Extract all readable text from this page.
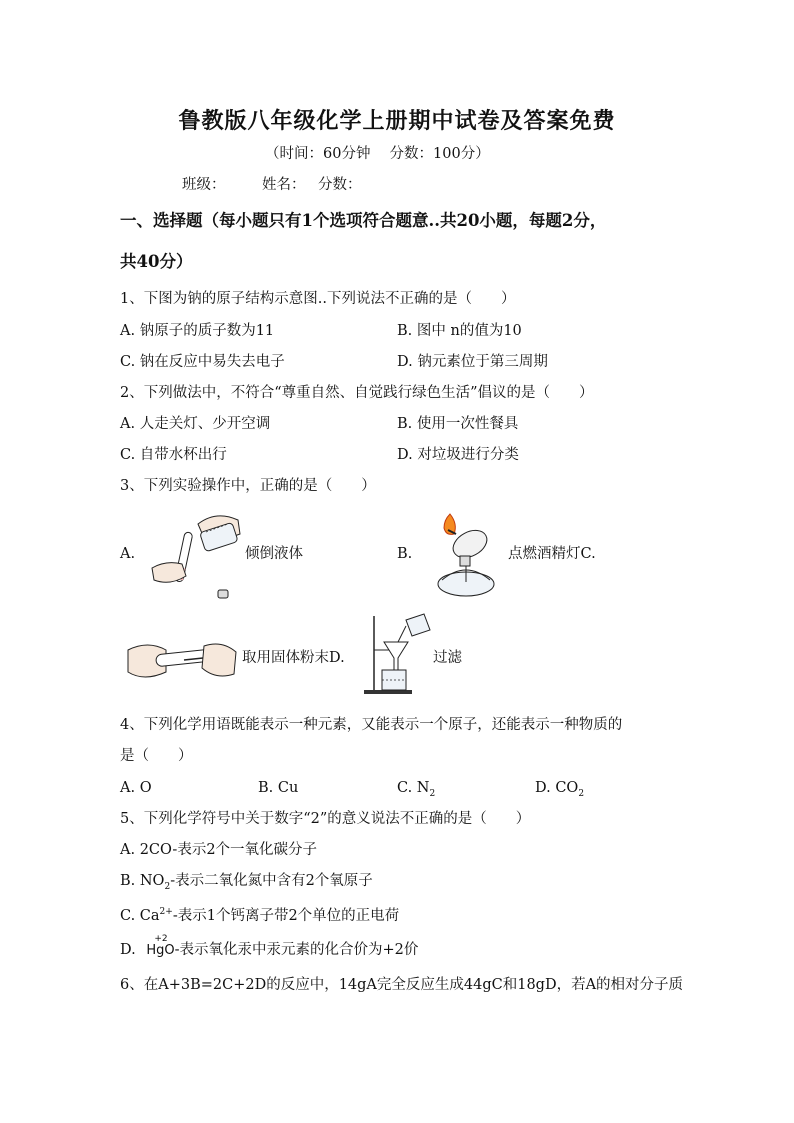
鲁教版八年级化学上册期中试卷及答案免费
（时间：60分钟　 分数：100分）
班级：	姓名： 分数：
一、选择题（每小题只有1个选项符合题意..共20小题，每题2分，
共40分）
1、下图为钠的原子结构示意图..下列说法不正确的是（　　）
A. 钠原子的质子数为11	B. 图中 n的值为10
C. 钠在反应中易失去电子	D. 钠元素位于第三周期
2、下列做法中，不符合“尊重自然、自觉践行绿色生活”倡议的是（　　）
A. 人走关灯、少开空调	B. 使用一次性餐具
C. 自带水杯出行	D. 对垃圾进行分类
3、下列实验操作中，正确的是（　　）
A.	倾倒液体	B.	点燃酒精灯C.
取用固体粉末D.	过滤
4、下列化学用语既能表示一种元素，又能表示一个原子，还能表示一种物质的
是（　　）
A. O	B. Cu	C. $N_2$	D. $CO_2$
5、下列化学符号中关于数字“2”的意义说法不正确的是（　　）
A. 2CO-表示2个一氧化碳分子
B. $NO_2-$表示二氧化氮中含有2个氧原子
C. $Ca^{2+}-$表示1个钙离子带2个单位的正电荷
D.
+2
HgO-表示氧化汞中汞元素的化合价为+2价
6、在A+3B=2C+2D的反应中，14gA完全反应生成44gC和18gD，若A的相对分子质
